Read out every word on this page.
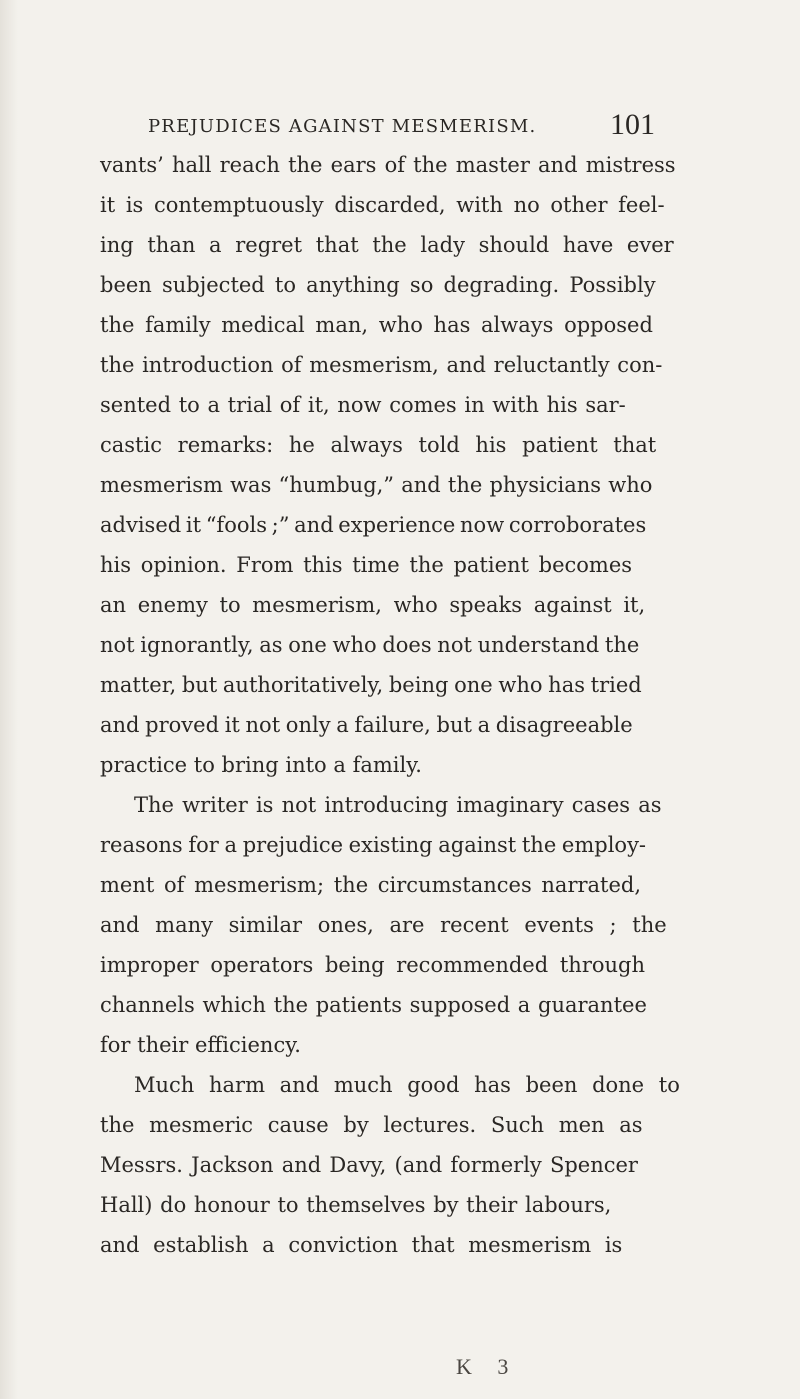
PREJUDICES AGAINST MESMERISM. 101
vants’ hall reach the ears of the master and mistress
it is contemptuously discarded, with no other feel-
ing than a regret that the lady should have ever
been subjected to anything so degrading. Possibly
the family medical man, who has always opposed
the introduction of mesmerism, and reluctantly con-
sented to a trial of it, now comes in with his sar-
castic remarks: he always told his patient that
mesmerism was “humbug,” and the physicians who
advised it “fools ;” and experience now corroborates
his opinion. From this time the patient becomes
an enemy to mesmerism, who speaks against it,
not ignorantly, as one who does not understand the
matter, but authoritatively, being one who has tried
and proved it not only a failure, but a disagreeable
practice to bring into a family.
The writer is not introducing imaginary cases as
reasons for a prejudice existing against the employ-
ment of mesmerism; the circumstances narrated,
and many similar ones, are recent events ; the
improper operators being recommended through
channels which the patients supposed a guarantee
for their efficiency.
Much harm and much good has been done to
the mesmeric cause by lectures. Such men as
Messrs. Jackson and Davy, (and formerly Spencer
Hall) do honour to themselves by their labours,
and establish a conviction that mesmerism is
K 3
